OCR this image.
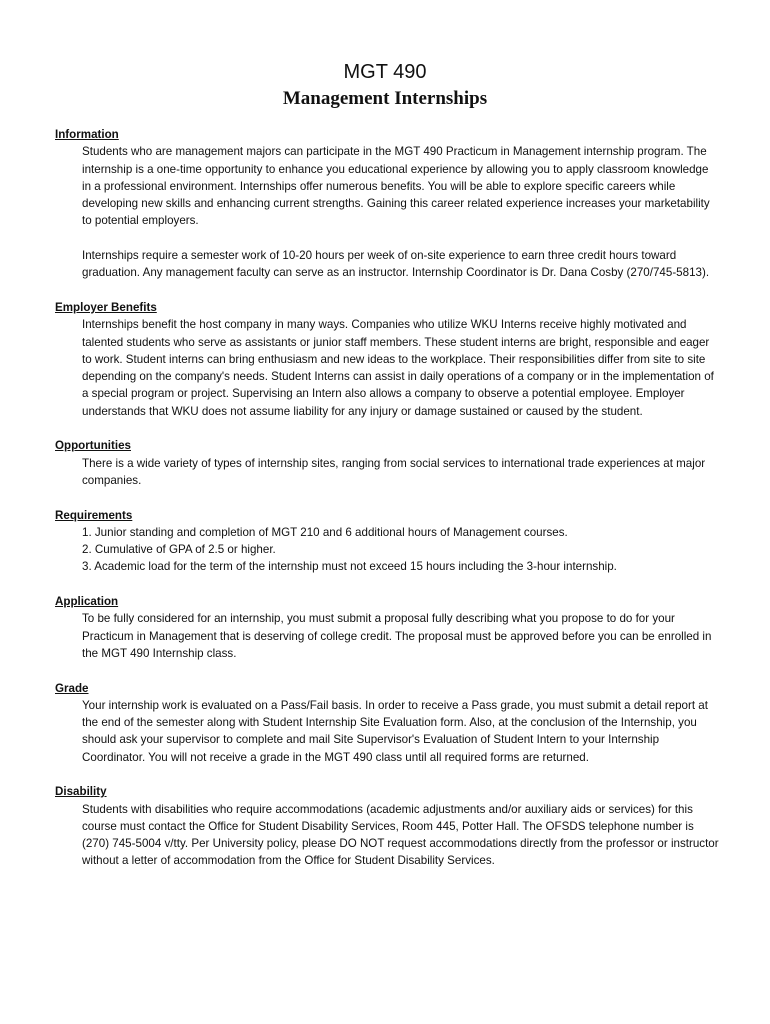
MGT 490
Management Internships
Information

Students who are management majors can participate in the MGT 490 Practicum in Management internship program. The internship is a one-time opportunity to enhance you educational experience by allowing you to apply classroom knowledge in a professional environment. Internships offer numerous benefits. You will be able to explore specific careers while developing new skills and enhancing current strengths. Gaining this career related experience increases your marketability to potential employers.

Internships require a semester work of 10-20 hours per week of on-site experience to earn three credit hours toward graduation. Any management faculty can serve as an instructor. Internship Coordinator is Dr. Dana Cosby (270/745-5813).

Employer Benefits

Internships benefit the host company in many ways. Companies who utilize WKU Interns receive highly motivated and talented students who serve as assistants or junior staff members. These student interns are bright, responsible and eager to work. Student interns can bring enthusiasm and new ideas to the workplace. Their responsibilities differ from site to site depending on the company's needs. Student Interns can assist in daily operations of a company or in the implementation of a special program or project. Supervising an Intern also allows a company to observe a potential employee. Employer understands that WKU does not assume liability for any injury or damage sustained or caused by the student.

Opportunities

There is a wide variety of types of internship sites, ranging from social services to international trade experiences at major companies.

Requirements
1. Junior standing and completion of MGT 210 and 6 additional hours of Management courses.
2. Cumulative of GPA of 2.5 or higher.
3. Academic load for the term of the internship must not exceed 15 hours including the 3-hour internship.
Application

To be fully considered for an internship, you must submit a proposal fully describing what you propose to do for your Practicum in Management that is deserving of college credit. The proposal must be approved before you can be enrolled in the MGT 490 Internship class.

Grade

Your internship work is evaluated on a Pass/Fail basis. In order to receive a Pass grade, you must submit a detail report at the end of the semester along with Student Internship Site Evaluation form. Also, at the conclusion of the Internship, you should ask your supervisor to complete and mail Site Supervisor's Evaluation of Student Intern to your Internship Coordinator. You will not receive a grade in the MGT 490 class until all required forms are returned.

Disability

Students with disabilities who require accommodations (academic adjustments and/or auxiliary aids or services) for this course must contact the Office for Student Disability Services, Room 445, Potter Hall. The OFSDS telephone number is (270) 745-5004 v/tty. Per University policy, please DO NOT request accommodations directly from the professor or instructor without a letter of accommodation from the Office for Student Disability Services.
